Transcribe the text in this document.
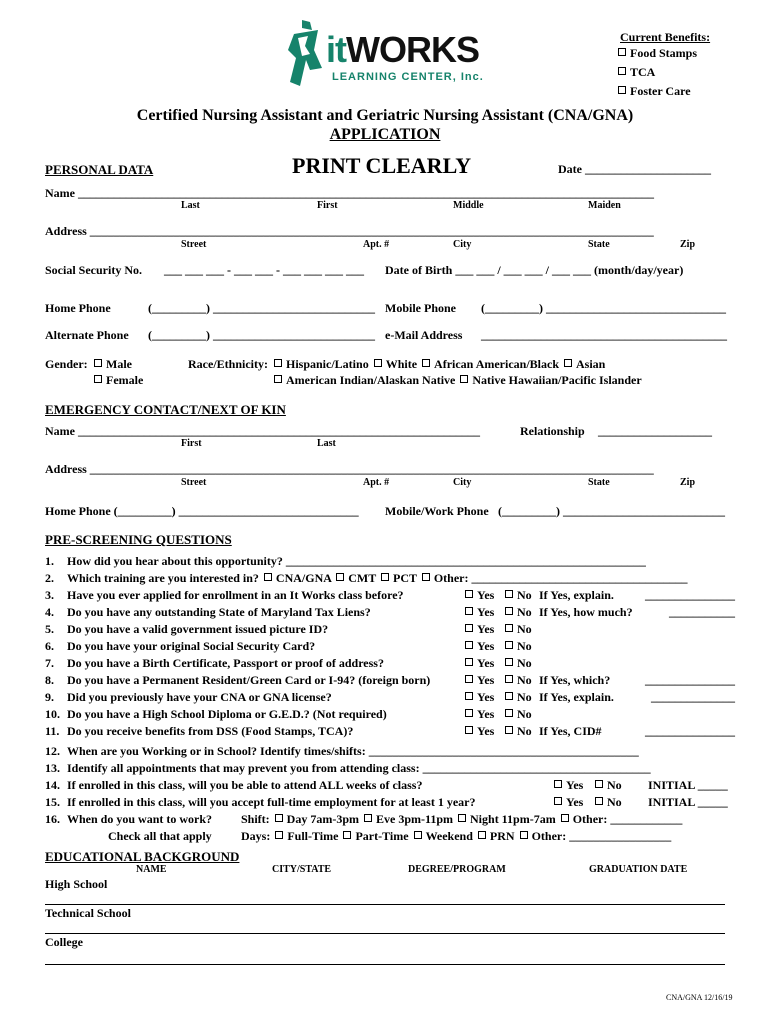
itWORKS
LEARNING CENTER, Inc.
Current Benefits:
Food Stamps
TCA
Foster Care
Certified Nursing Assistant and Geriatric Nursing Assistant (CNA/GNA)
APPLICATION
PERSONAL DATA	PRINT CLEARLY	Date _____________________
Name ________________________________________________________________________________________________
Last	First	Middle	Maiden
Address ______________________________________________________________________________________________
Street	Apt. #	City	State	Zip
Social Security No. ___ ___ ___ - ___ ___ - ___ ___ ___ ___ Date of Birth ___ ___ / ___ ___ / ___ ___ (month/day/year)
Home Phone	(_________) ___________________________ Mobile Phone (_________) ______________________________
Alternate Phone (_________) ___________________________ e-Mail Address _________________________________________
Gender:	Male
Female
Race/Ethnicity:	Hispanic/Latino White African American/Black Asian
American Indian/Alaskan Native Native Hawaiian/Pacific Islander
EMERGENCY CONTACT/NEXT OF KIN
Name ___________________________________________________________________
First	Last
Relationship ___________________
Address ______________________________________________________________________________________________
Street	Apt. #	City	State	Zip
Home Phone (_________) ______________________________ Mobile/Work Phone (_________) ___________________________
PRE-SCREENING QUESTIONS
1. How did you hear about this opportunity? ____________________________________________________________
2. Which training are you interested in? CNA/GNA CMT PCT Other: ____________________________________
3. Have you ever applied for enrollment in an It Works class before?	Yes	No If Yes, explain.	_______________
4. Do you have any outstanding State of Maryland Tax Liens?	Yes	No If Yes, how much?	___________
5. Do you have a valid government issued picture ID?	Yes	No
6. Do you have your original Social Security Card?	Yes	No
7. Do you have a Birth Certificate, Passport or proof of address?	Yes	No
8. Do you have a Permanent Resident/Green Card or I-94? (foreign born)	Yes	No If Yes, which?	_______________
9. Did you previously have your CNA or GNA license?	Yes	No If Yes, explain.	______________
10. Do you have a High School Diploma or G.E.D.? (Not required)	Yes	No
11. Do you receive benefits from DSS (Food Stamps, TCA)?	Yes	No If Yes, CID#	_______________
12. When are you Working or in School? Identify times/shifts: _____________________________________________
13. Identify all appointments that may prevent you from attending class: ______________________________________
14. If enrolled in this class, will you be able to attend ALL weeks of class?	Yes	No INITIAL _____
15. If enrolled in this class, will you accept full-time employment for at least 1 year?	Yes	No INITIAL _____
16. When do you want to work?
Check all that apply
Shift: Day 7am-3pm Eve 3pm-11pm Night 11pm-7am Other: ____________
Days: Full-Time Part-Time Weekend PRN Other: _________________
EDUCATIONAL BACKGROUND
NAME	CITY/STATE	DEGREE/PROGRAM	GRADUATION DATE
High School
Technical School
College
CNA/GNA 12/16/19
